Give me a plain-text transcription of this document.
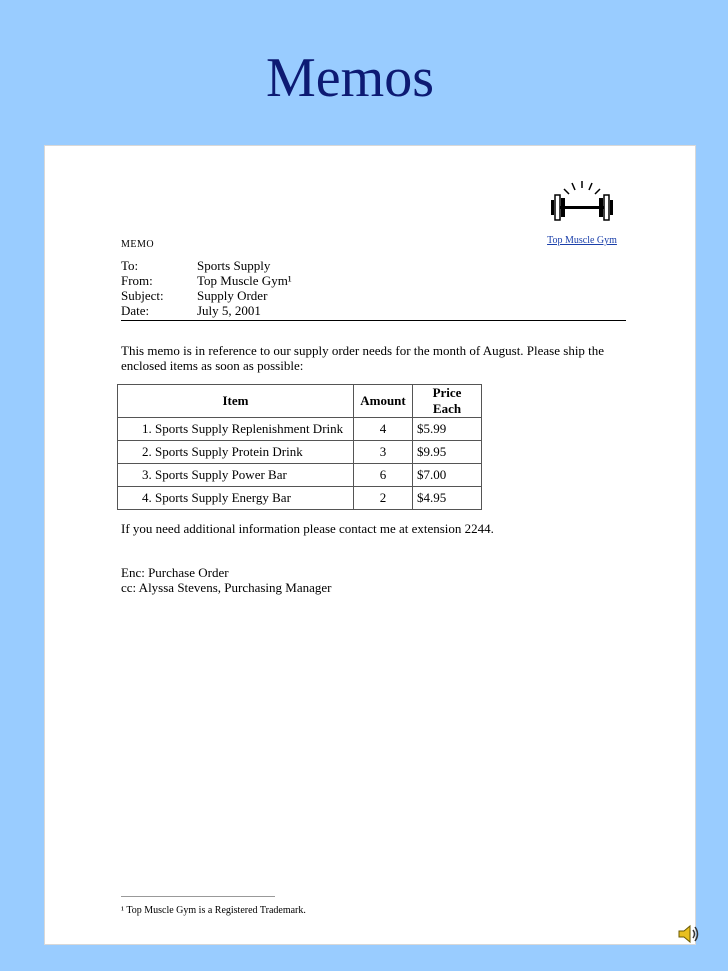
Memos
Top Muscle Gym
MEMO
To:	Sports Supply
From:	Top Muscle Gym¹
Subject:	Supply Order
Date:	July 5, 2001
This memo is in reference to our supply order needs for the month of August. Please ship the enclosed items as soon as possible:
Item	Amount	Price Each
1. Sports Supply Replenishment Drink	4	$5.99
2. Sports Supply Protein Drink	3	$9.95
3. Sports Supply Power Bar	6	$7.00
4. Sports Supply Energy Bar	2	$4.95
If you need additional information please contact me at extension 2244.
Enc: Purchase Order
cc: Alyssa Stevens, Purchasing Manager
¹ Top Muscle Gym is a Registered Trademark.
